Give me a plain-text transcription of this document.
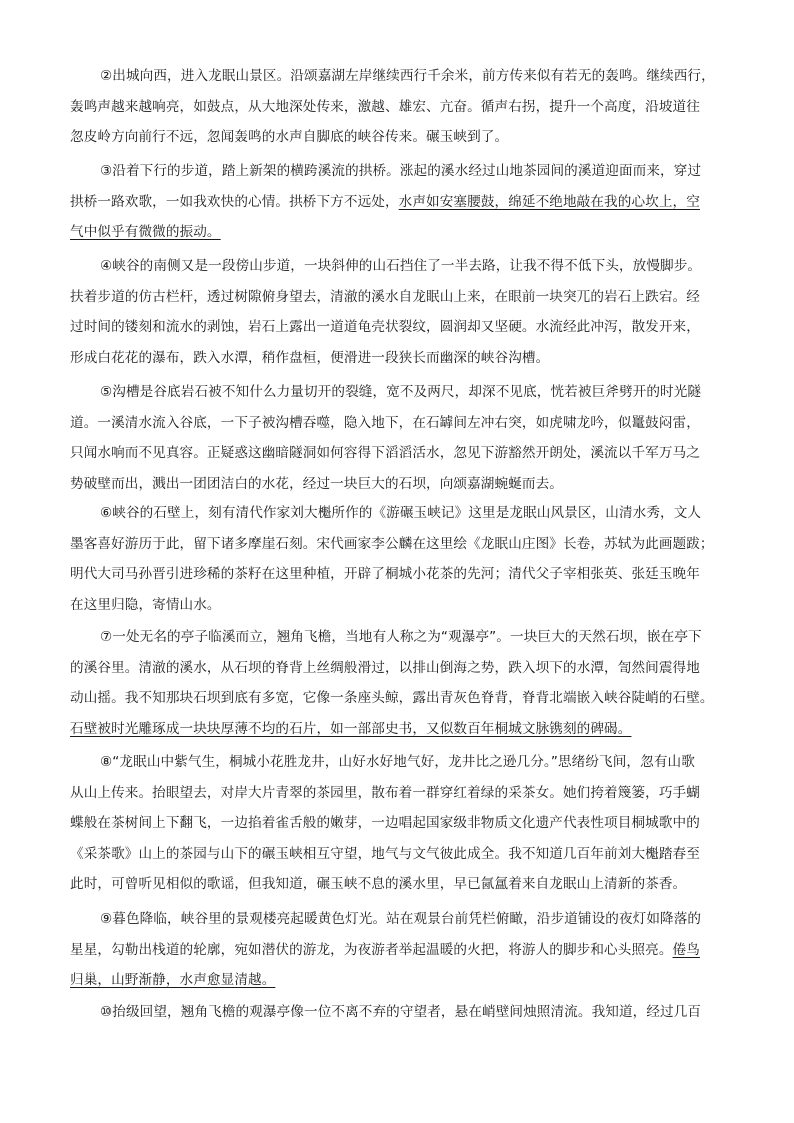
②出城向西，进入龙眠山景区。沿颂嘉湖左岸继续西行千余米，前方传来似有若无的轰鸣。继续西行，
轰鸣声越来越响亮，如鼓点，从大地深处传来，激越、雄宏、亢奋。循声右拐，提升一个高度，沿坡道往
忽皮岭方向前行不远，忽闻轰鸣的水声自脚底的峡谷传来。碾玉峡到了。
③沿着下行的步道，踏上新架的横跨溪流的拱桥。涨起的溪水经过山地茶园间的溪道迎面而来，穿过
拱桥一路欢歌，一如我欢快的心情。拱桥下方不远处，水声如安塞腰鼓，绵延不绝地敲在我的心坎上，空
气中似乎有微微的振动。
④峡谷的南侧又是一段傍山步道，一块斜伸的山石挡住了一半去路，让我不得不低下头，放慢脚步。
扶着步道的仿古栏杆，透过树隙俯身望去，清澈的溪水自龙眠山上来，在眼前一块突兀的岩石上跌宕。经
过时间的镂刻和流水的剥蚀，岩石上露出一道道龟壳状裂纹，圆润却又坚硬。水流经此冲泻，散发开来，
形成白花花的瀑布，跌入水潭，稍作盘桓，便滑进一段狭长而幽深的峡谷沟槽。
⑤沟槽是谷底岩石被不知什么力量切开的裂缝，宽不及两尺，却深不见底，恍若被巨斧劈开的时光隧
道。一溪清水流入谷底，一下子被沟槽吞噬，隐入地下，在石罅间左冲右突，如虎啸龙吟，似鼍鼓闷雷，
只闻水响而不见真容。正疑惑这幽暗隧洞如何容得下滔滔活水，忽见下游豁然开朗处，溪流以千军万马之
势破壁而出，溅出一团团洁白的水花，经过一块巨大的石坝，向颂嘉湖蜿蜒而去。
⑥峡谷的石壁上，刻有清代作家刘大櫆所作的《游碾玉峡记》这里是龙眠山风景区，山清水秀，文人
墨客喜好游历于此，留下诸多摩崖石刻。宋代画家李公麟在这里绘《龙眠山庄图》长卷，苏轼为此画题跋；
明代大司马孙晋引进珍稀的茶籽在这里种植，开辟了桐城小花茶的先河；清代父子宰相张英、张廷玉晚年
在这里归隐，寄情山水。
⑦一处无名的亭子临溪而立，翘角飞檐，当地有人称之为“观瀑亭”。一块巨大的天然石坝，嵌在亭下
的溪谷里。清澈的溪水，从石坝的脊背上丝绸般滑过，以排山倒海之势，跌入坝下的水潭，訇然间震得地
动山摇。我不知那块石坝到底有多宽，它像一条座头鲸，露出青灰色脊背，脊背北端嵌入峡谷陡峭的石壁。
石壁被时光雕琢成一块块厚薄不均的石片，如一部部史书，又似数百年桐城文脉镌刻的碑碣。
⑧“龙眠山中紫气生，桐城小花胜龙井，山好水好地气好，龙井比之逊几分。”思绪纷飞间，忽有山歌
从山上传来。抬眼望去，对岸大片青翠的茶园里，散布着一群穿红着绿的采茶女。她们挎着篾篓，巧手蝴
蝶般在茶树间上下翻飞，一边掐着雀舌般的嫩芽，一边唱起国家级非物质文化遗产代表性项目桐城歌中的
《采茶歌》山上的茶园与山下的碾玉峡相互守望，地气与文气彼此成全。我不知道几百年前刘大櫆踏春至
此时，可曾听见相似的歌谣，但我知道，碾玉峡不息的溪水里，早已氤氲着来自龙眠山上清新的茶香。
⑨暮色降临，峡谷里的景观楼亮起暖黄色灯光。站在观景台前凭栏俯瞰，沿步道铺设的夜灯如降落的
星星，勾勒出栈道的轮廓，宛如潜伏的游龙，为夜游者举起温暖的火把，将游人的脚步和心头照亮。倦鸟
归巢，山野渐静，水声愈显清越。
⑩抬级回望，翘角飞檐的观瀑亭像一位不离不弃的守望者，悬在峭壁间烛照清流。我知道，经过几百
